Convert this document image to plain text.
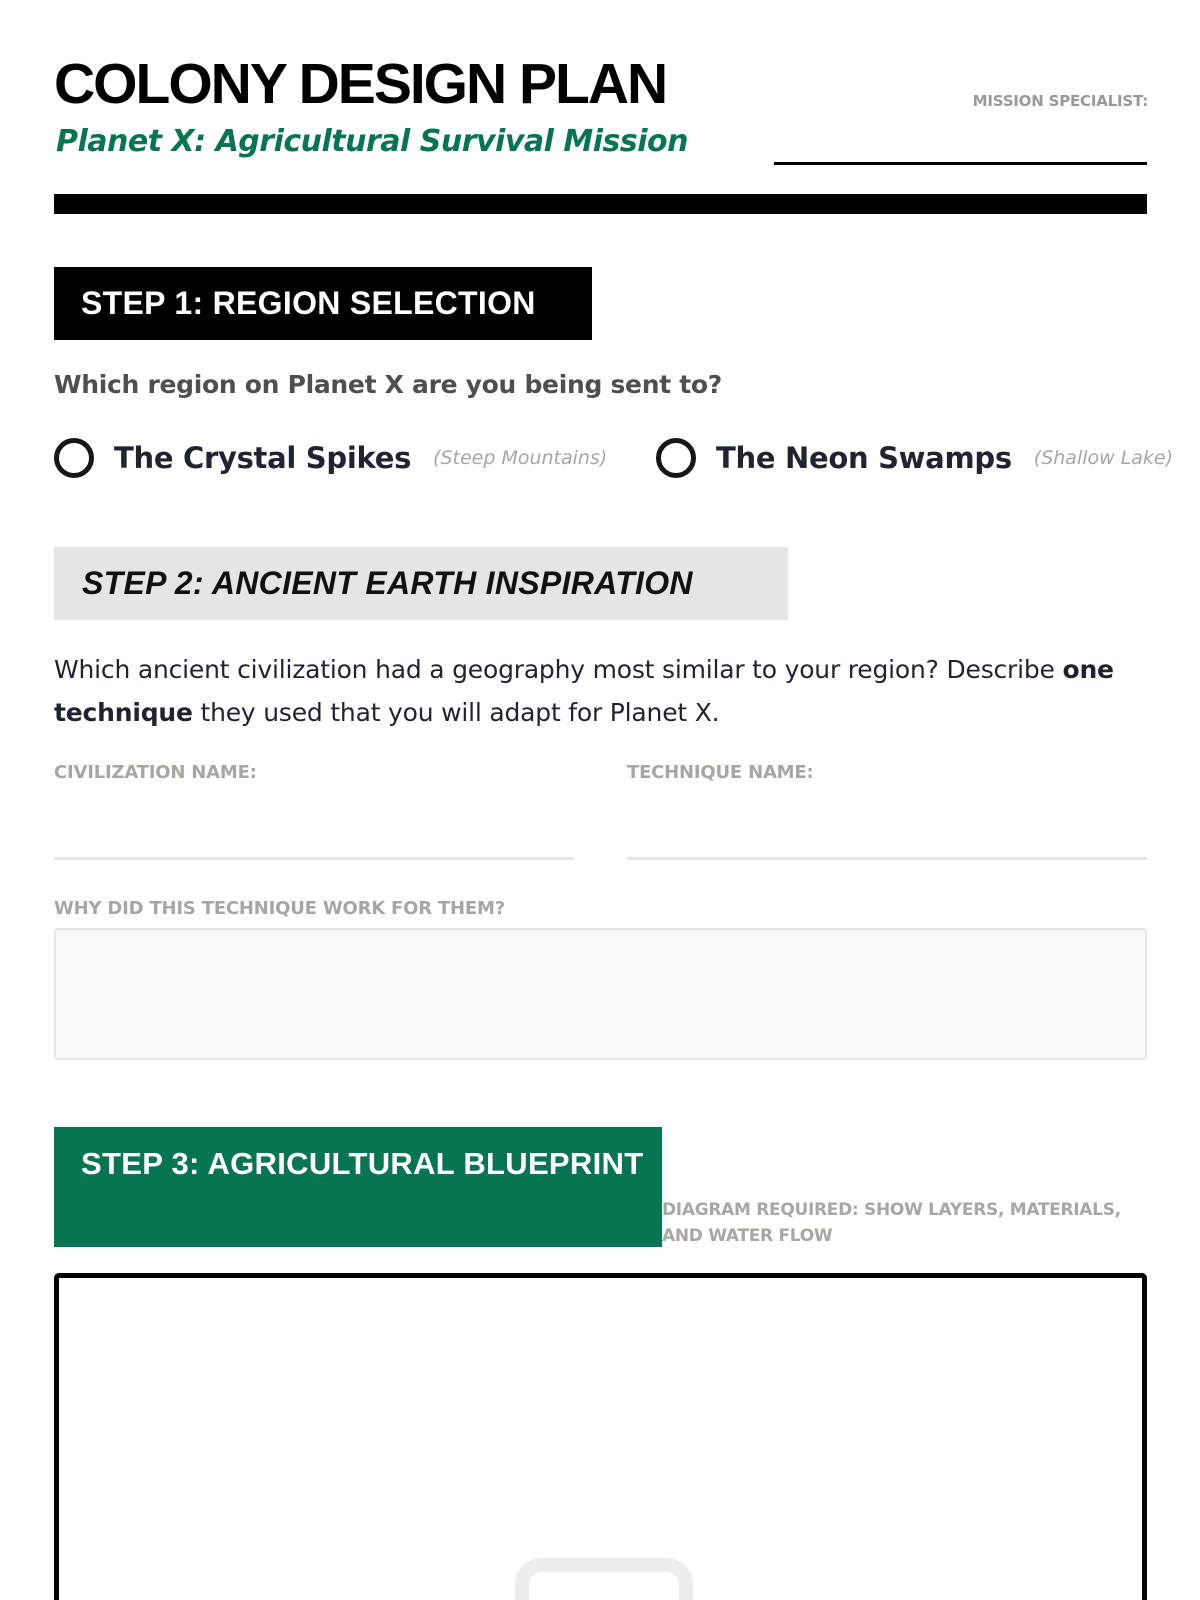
COLONY DESIGN PLAN
Planet X: Agricultural Survival Mission
MISSION SPECIALIST:
STEP 1: REGION SELECTION
Which region on Planet X are you being sent to?
The Crystal Spikes (Steep Mountains)	The Neon Swamps (Shallow Lake)
STEP 2: ANCIENT EARTH INSPIRATION
Which ancient civilization had a geography most similar to your region? Describe one technique they used that you will adapt for Planet X.
CIVILIZATION NAME:	TECHNIQUE NAME:
WHY DID THIS TECHNIQUE WORK FOR THEM?
STEP 3: AGRICULTURAL BLUEPRINT
DIAGRAM REQUIRED: SHOW LAYERS, MATERIALS, AND WATER FLOW
